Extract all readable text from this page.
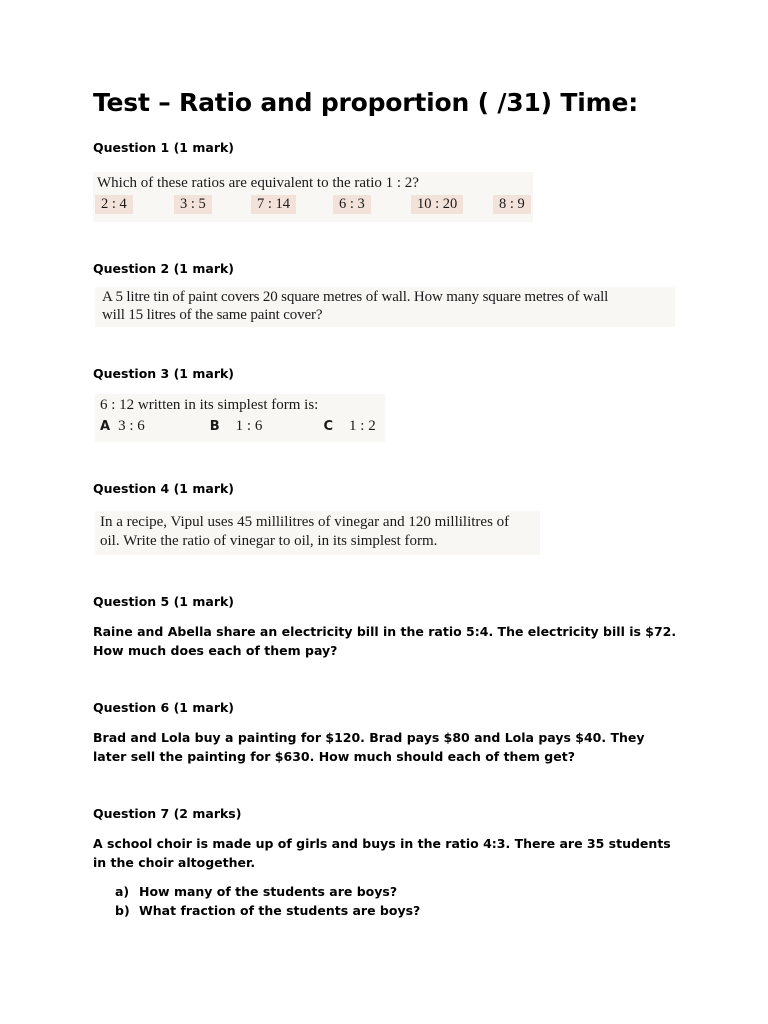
Test – Ratio and proportion ( /31) Time:

Question 1 (1 mark)

Which of these ratios are equivalent to the ratio 1 : 2?

2 : 4	3 : 5	7 : 14	6 : 3	10 : 20	8 : 9

Question 2 (1 mark)

A 5 litre tin of paint covers 20 square metres of wall. How many square metres of wall

will 15 litres of the same paint cover?

Question 3 (1 mark)

6 : 12 written in its simplest form is:

A 3 : 6	B 1 : 6	C 1 : 2

Question 4 (1 mark)

In a recipe, Vipul uses 45 millilitres of vinegar and 120 millilitres of

oil. Write the ratio of vinegar to oil, in its simplest form.

Question 5 (1 mark)

Raine and Abella share an electricity bill in the ratio 5:4. The electricity bill is $72. How much does each of them pay?

Question 6 (1 mark)

Brad and Lola buy a painting for $120. Brad pays $80 and Lola pays $40. They later sell the painting for $630. How much should each of them get?

Question 7 (2 marks)

A school choir is made up of girls and buys in the ratio 4:3. There are 35 students in the choir altogether.

a) How many of the students are boys?
b) What fraction of the students are boys?
